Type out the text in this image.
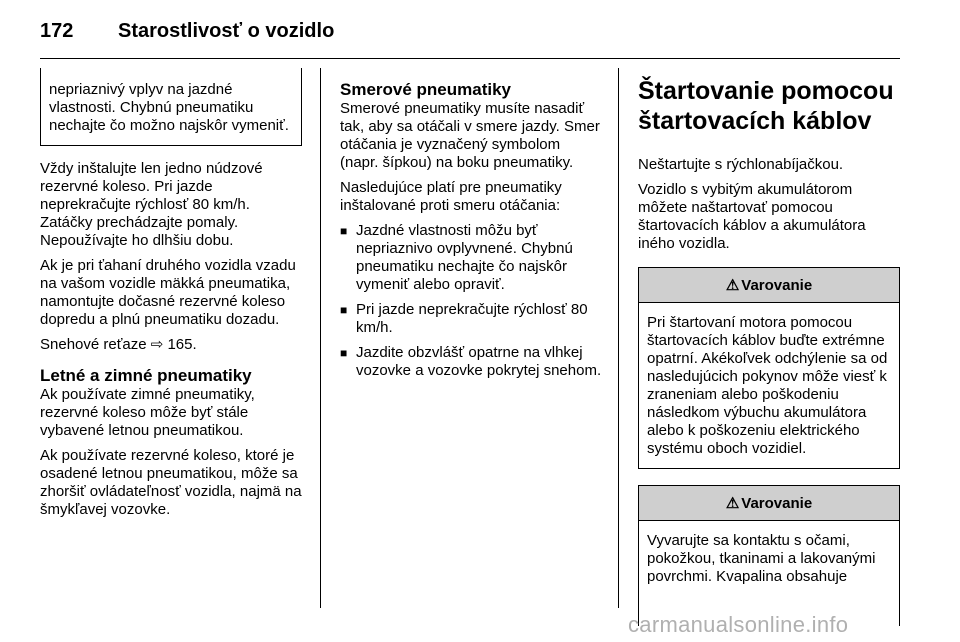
172 Starostlivosť o vozidlo

nepriaznivý vplyv na jazdné vlastnosti. Chybnú pneumatiku nechajte čo možno najskôr vymeniť.

Vždy inštalujte len jedno núdzové rezervné koleso. Pri jazde neprekračujte rýchlosť 80 km/h. Zatáčky prechádzajte pomaly. Nepoužívajte ho dlhšiu dobu.

Ak je pri ťahaní druhého vozidla vzadu na vašom vozidle mäkká pneumatika, namontujte dočasné rezervné koleso dopredu a plnú pneumatiku dozadu.

Snehové reťaze ⇨ 165.

Letné a zimné pneumatiky

Ak používate zimné pneumatiky, rezervné koleso môže byť stále vybavené letnou pneumatikou.

Ak používate rezervné koleso, ktoré je osadené letnou pneumatikou, môže sa zhoršiť ovládateľnosť vozidla, najmä na šmykľavej vozovke.

Smerové pneumatiky

Smerové pneumatiky musíte nasadiť tak, aby sa otáčali v smere jazdy. Smer otáčania je vyznačený symbolom (napr. šípkou) na boku pneumatiky.

Nasledujúce platí pre pneumatiky inštalované proti smeru otáčania:

■ Jazdné vlastnosti môžu byť nepriaznivo ovplyvnené. Chybnú pneumatiku nechajte čo najskôr vymeniť alebo opraviť.
■ Pri jazde neprekračujte rýchlosť 80 km/h.
■ Jazdite obzvlášť opatrne na vlhkej vozovke a vozovke pokrytej snehom.
Štartovanie pomocou štartovacích káblov

Neštartujte s rýchlonabíjačkou.

Vozidlo s vybitým akumulátorom môžete naštartovať pomocou štartovacích káblov a akumulátora iného vozidla.

⚠ Varovanie

Pri štartovaní motora pomocou štartovacích káblov buďte extrémne opatrní. Akékoľvek odchýlenie sa od nasledujúcich pokynov môže viesť k zraneniam alebo poškodeniu následkom výbuchu akumulátora alebo k poškozeniu elektrického systému oboch vozidiel.

⚠ Varovanie

Vyvarujte sa kontaktu s očami, pokožkou, tkaninami a lakovanými povrchmi. Kvapalina obsahuje

carmanualsonline.info
